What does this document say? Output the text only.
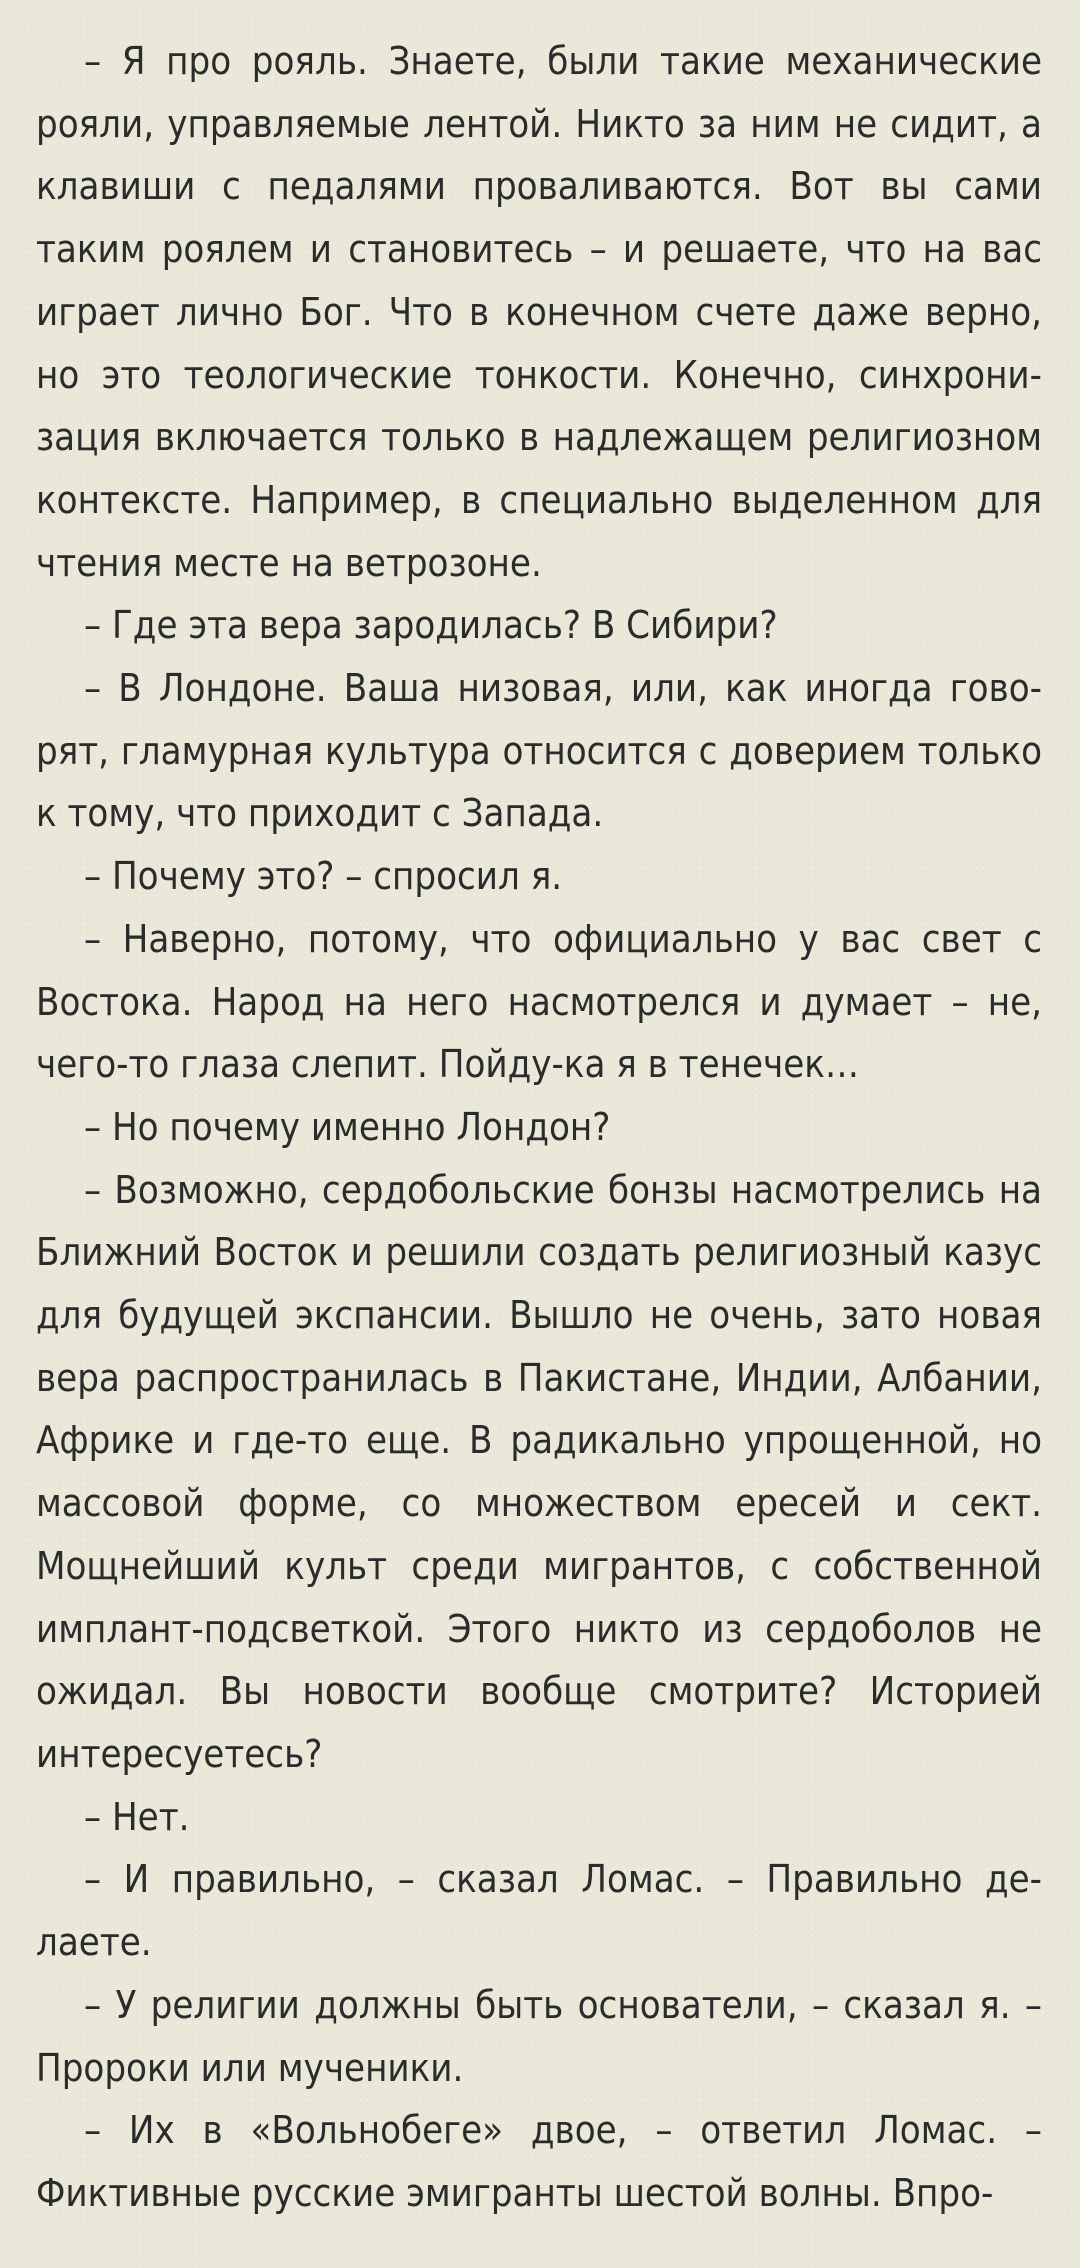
– Я про рояль. Знаете, были такие механические рояли, управляемые лентой. Никто за ним не сидит, а клавиши с педалями проваливаются. Вот вы сами таким роялем и становитесь – и решаете, что на вас играет лично Бог. Что в конечном счете даже верно, но это теологические тонкости. Конечно, синхронизация включается только в надлежащем религиозном контексте. Например, в специально выделенном для чтения месте на ветрозоне.

– Где эта вера зародилась? В Сибири?

– В Лондоне. Ваша низовая, или, как иногда говорят, гламурная культура относится с доверием только к тому, что приходит с Запада.

– Почему это? – спросил я.

– Наверно, потому, что официально у вас свет с Востока. Народ на него насмотрелся и думает – не, чего-то глаза слепит. Пойду-ка я в тенечек…

– Но почему именно Лондон?

– Возможно, сердобольские бонзы насмотрелись на Ближний Восток и решили создать религиозный казус для будущей экспансии. Вышло не очень, зато новая вера распространилась в Пакистане, Индии, Албании, Африке и где-то еще. В радикально упрощенной, но массовой форме, со множеством ересей и сект. Мощнейший культ среди мигрантов, с собственной имплант-подсветкой. Этого никто из сердоболов не ожидал. Вы новости вообще смотрите? Историей интересуетесь?

– Нет.

– И правильно, – сказал Ломас. – Правильно делаете.

– У религии должны быть основатели, – сказал я. – Пророки или мученики.

– Их в «Вольнобеге» двое, – ответил Ломас. – Фиктивные русские эмигранты шестой волны. Впро-
